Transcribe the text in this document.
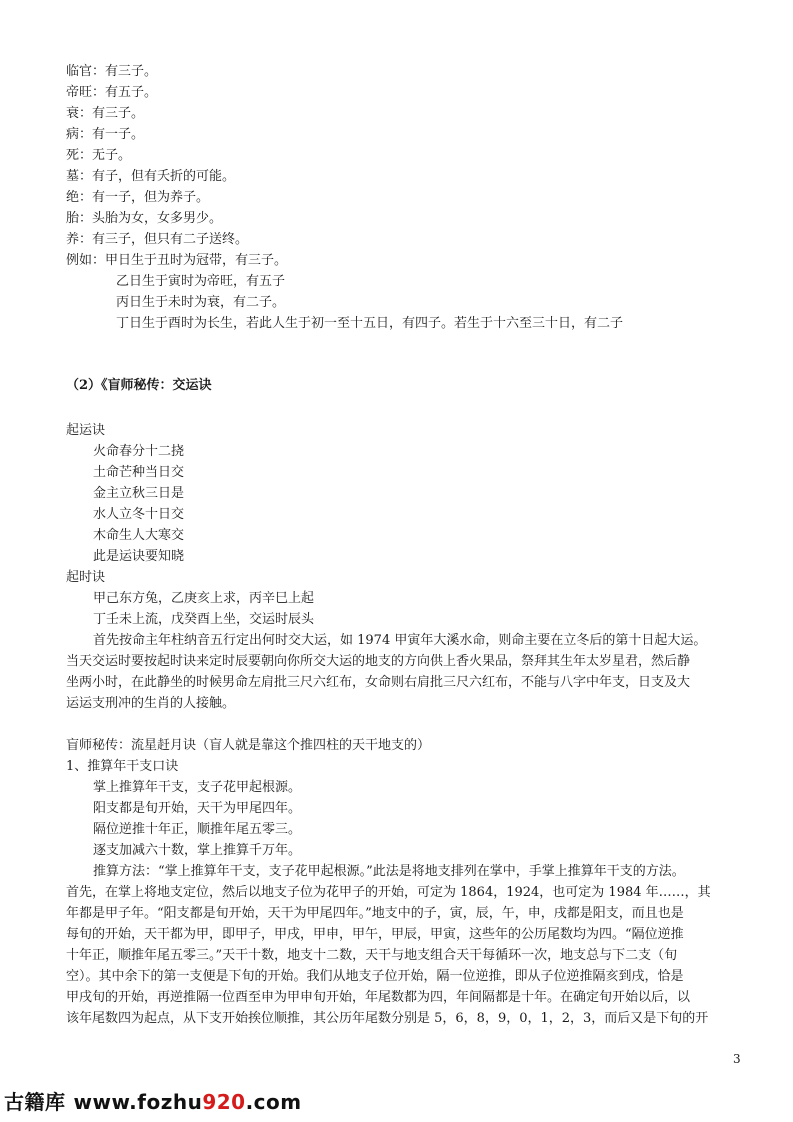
临官：有三子。
帝旺：有五子。
衰：有三子。
病：有一子。
死：无子。
墓：有子，但有夭折的可能。
绝：有一子，但为养子。
胎：头胎为女，女多男少。
养：有三子，但只有二子送终。
例如：甲日生于丑时为冠带，有三子。
乙日生于寅时为帝旺，有五子
丙日生于未时为衰，有二子。
丁日生于酉时为长生，若此人生于初一至十五日，有四子。若生于十六至三十日，有二子
（2）《盲师秘传：交运诀
起运诀
火命春分十二挠
土命芒种当日交
金主立秋三日是
水人立冬十日交
木命生人大寒交
此是运诀要知晓
起时诀
甲己东方兔，乙庚亥上求，丙辛巳上起
丁壬未上流，戊癸酉上坐，交运时辰头
首先按命主年柱纳音五行定出何时交大运，如 1974 甲寅年大溪水命，则命主要在立冬后的第十日起大运。
当天交运时要按起时诀来定时辰要朝向你所交大运的地支的方向供上香火果品，祭拜其生年太岁星君，然后静
坐两小时，在此静坐的时候男命左肩批三尺六红布，女命则右肩批三尺六红布，不能与八字中年支，日支及大
运运支刑冲的生肖的人接触。
盲师秘传：流星赶月诀（盲人就是靠这个推四柱的天干地支的）
1、推算年干支口诀
掌上推算年干支，支子花甲起根源。
阳支都是旬开始，天干为甲尾四年。
隔位逆推十年正，顺推年尾五零三。
逐支加减六十数，掌上推算千万年。
推算方法：“掌上推算年干支，支子花甲起根源。”此法是将地支排列在掌中，手掌上推算年干支的方法。
首先，在掌上将地支定位，然后以地支子位为花甲子的开始，可定为 1864，1924，也可定为 1984 年……，其
年都是甲子年。“阳支都是旬开始，天干为甲尾四年。”地支中的子，寅，辰，午，申，戌都是阳支，而且也是
每旬的开始，天干都为甲，即甲子，甲戌，甲申，甲午，甲辰，甲寅，这些年的公历尾数均为四。“隔位逆推
十年正，顺推年尾五零三。”天干十数，地支十二数，天干与地支组合天干每循环一次，地支总与下二支（旬
空）。其中余下的第一支便是下旬的开始。我们从地支子位开始，隔一位逆推，即从子位逆推隔亥到戌，恰是
甲戌旬的开始，再逆推隔一位酉至申为甲申旬开始，年尾数都为四，年间隔都是十年。在确定旬开始以后，以
该年尾数四为起点，从下支开始挨位顺推，其公历年尾数分别是 5，6，8，9，0，1，2，3，而后又是下旬的开
3
古籍库 www.fozhu920.com
